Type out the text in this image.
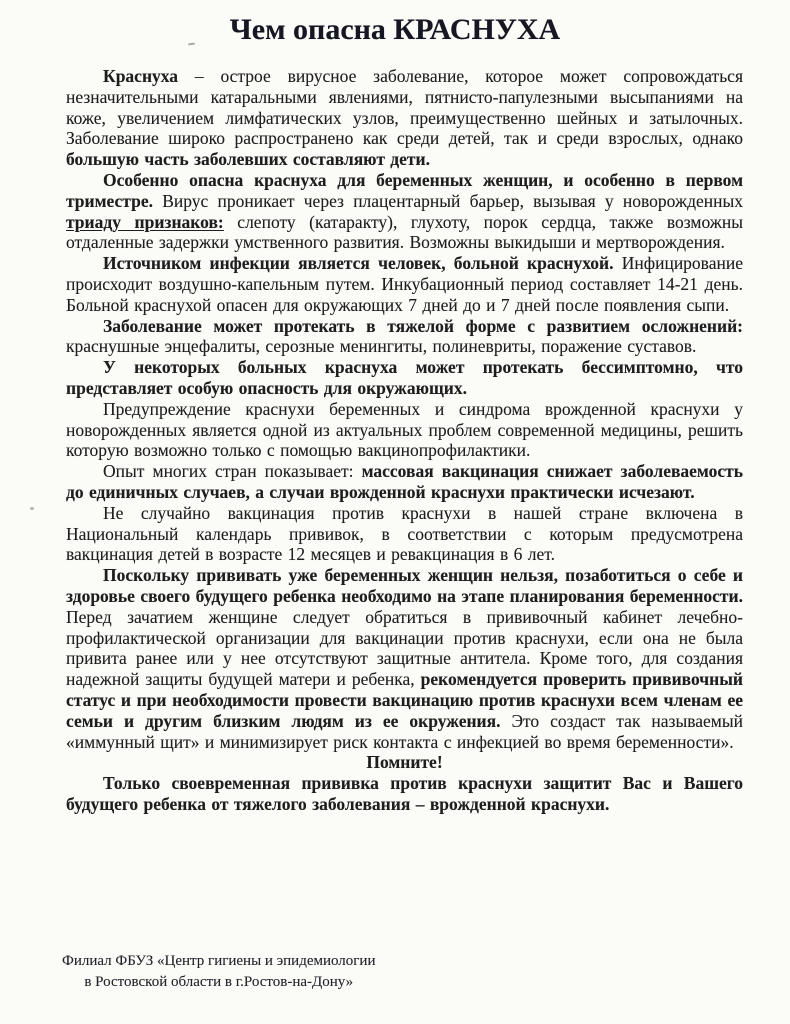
Чем опасна КРАСНУХА

Краснуха – острое вирусное заболевание, которое может сопровождаться незначительными катаральными явлениями, пятнисто-папулезными высыпаниями на коже, увеличением лимфатических узлов, преимущественно шейных и затылочных. Заболевание широко распространено как среди детей, так и среди взрослых, однако большую часть заболевших составляют дети.

Особенно опасна краснуха для беременных женщин, и особенно в первом триместре. Вирус проникает через плацентарный барьер, вызывая у новорожденных триаду признаков: слепоту (катаракту), глухоту, порок сердца, также возможны отдаленные задержки умственного развития. Возможны выкидыши и мертворождения.

Источником инфекции является человек, больной краснухой. Инфицирование происходит воздушно-капельным путем. Инкубационный период составляет 14-21 день. Больной краснухой опасен для окружающих 7 дней до и 7 дней после появления сыпи.

Заболевание может протекать в тяжелой форме с развитием осложнений: краснушные энцефалиты, серозные менингиты, полиневриты, поражение суставов.

У некоторых больных краснуха может протекать бессимптомно, что представляет особую опасность для окружающих.

Предупреждение краснухи беременных и синдрома врожденной краснухи у новорожденных является одной из актуальных проблем современной медицины, решить которую возможно только с помощью вакцинопрофилактики.

Опыт многих стран показывает: массовая вакцинация снижает заболеваемость до единичных случаев, а случаи врожденной краснухи практически исчезают.

Не случайно вакцинация против краснухи в нашей стране включена в Национальный календарь прививок, в соответствии с которым предусмотрена вакцинация детей в возрасте 12 месяцев и ревакцинация в 6 лет.

Поскольку прививать уже беременных женщин нельзя, позаботиться о себе и здоровье своего будущего ребенка необходимо на этапе планирования беременности. Перед зачатием женщине следует обратиться в прививочный кабинет лечебно-профилактической организации для вакцинации против краснухи, если она не была привита ранее или у нее отсутствуют защитные антитела. Кроме того, для создания надежной защиты будущей матери и ребенка, рекомендуется проверить прививочный статус и при необходимости провести вакцинацию против краснухи всем членам ее семьи и другим близким людям из ее окружения. Это создаст так называемый «иммунный щит» и минимизирует риск контакта с инфекцией во время беременности».

Помните!

Только своевременная прививка против краснухи защитит Вас и Вашего будущего ребенка от тяжелого заболевания – врожденной краснухи.

Филиал ФБУЗ «Центр гигиены и эпидемиологии
в Ростовской области в г.Ростов-на-Дону»
